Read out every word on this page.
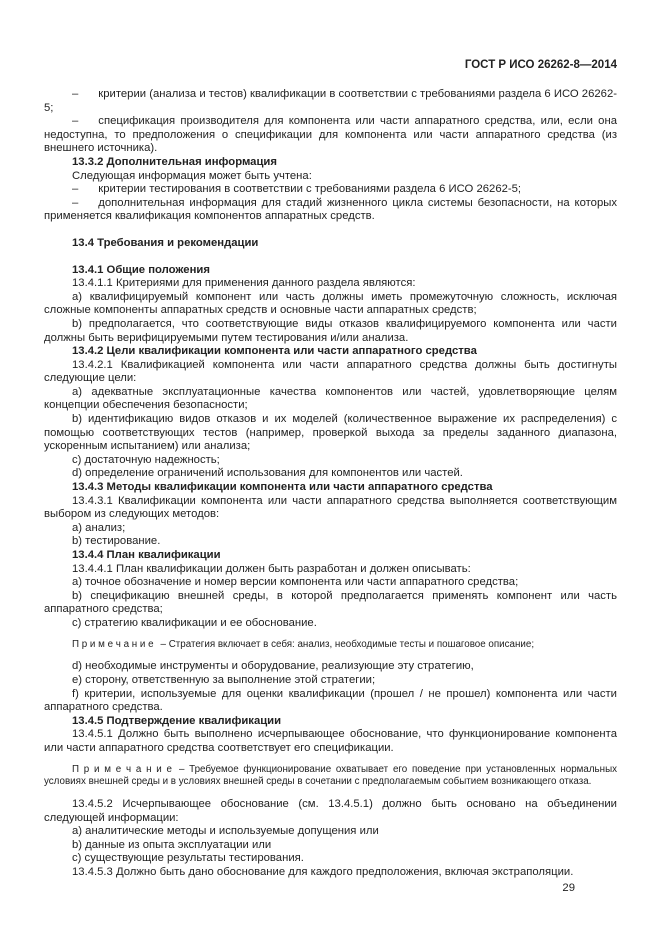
ГОСТ Р ИСО 26262-8—2014

– критерии (анализа и тестов) квалификации в соответствии с требованиями раздела 6 ИСО 26262-5;

– спецификация производителя для компонента или части аппаратного средства, или, если она недоступна, то предположения о спецификации для компонента или части аппаратного средства (из внешнего источника).

13.3.2 Дополнительная информация

Следующая информация может быть учтена:

– критерии тестирования в соответствии с требованиями раздела 6 ИСО 26262-5;

– дополнительная информация для стадий жизненного цикла системы безопасности, на которых применяется квалификация компонентов аппаратных средств.

13.4 Требования и рекомендации

13.4.1 Общие положения

13.4.1.1 Критериями для применения данного раздела являются:

a) квалифицируемый компонент или часть должны иметь промежуточную сложность, исключая сложные компоненты аппаратных средств и основные части аппаратных средств;

b) предполагается, что соответствующие виды отказов квалифицируемого компонента или части должны быть верифицируемыми путем тестирования и/или анализа.

13.4.2 Цели квалификации компонента или части аппаратного средства

13.4.2.1 Квалификацией компонента или части аппаратного средства должны быть достигнуты следующие цели:

a) адекватные эксплуатационные качества компонентов или частей, удовлетворяющие целям концепции обеспечения безопасности;

b) идентификацию видов отказов и их моделей (количественное выражение их распределения) с помощью соответствующих тестов (например, проверкой выхода за пределы заданного диапазона, ускоренным испытанием) или анализа;

c) достаточную надежность;

d) определение ограничений использования для компонентов или частей.

13.4.3 Методы квалификации компонента или части аппаратного средства

13.4.3.1 Квалификации компонента или части аппаратного средства выполняется соответствующим выбором из следующих методов:

a) анализ;

b) тестирование.

13.4.4 План квалификации

13.4.4.1 План квалификации должен быть разработан и должен описывать:

a) точное обозначение и номер версии компонента или части аппаратного средства;

b) спецификацию внешней среды, в которой предполагается применять компонент или часть аппаратного средства;

c) стратегию квалификации и ее обоснование.

П р и м е ч а н и е – Стратегия включает в себя: анализ, необходимые тесты и пошаговое описание;

d) необходимые инструменты и оборудование, реализующие эту стратегию,

e) сторону, ответственную за выполнение этой стратегии;

f) критерии, используемые для оценки квалификации (прошел / не прошел) компонента или части аппаратного средства.

13.4.5 Подтверждение квалификации

13.4.5.1 Должно быть выполнено исчерпывающее обоснование, что функционирование компонента или части аппаратного средства соответствует его спецификации.

П р и м е ч а н и е – Требуемое функционирование охватывает его поведение при установленных нормальных условиях внешней среды и в условиях внешней среды в сочетании с предполагаемым событием возникающего отказа.

13.4.5.2 Исчерпывающее обоснование (см. 13.4.5.1) должно быть основано на объединении следующей информации:

a) аналитические методы и используемые допущения или

b) данные из опыта эксплуатации или

c) существующие результаты тестирования.

13.4.5.3 Должно быть дано обоснование для каждого предположения, включая экстраполяции.

29
